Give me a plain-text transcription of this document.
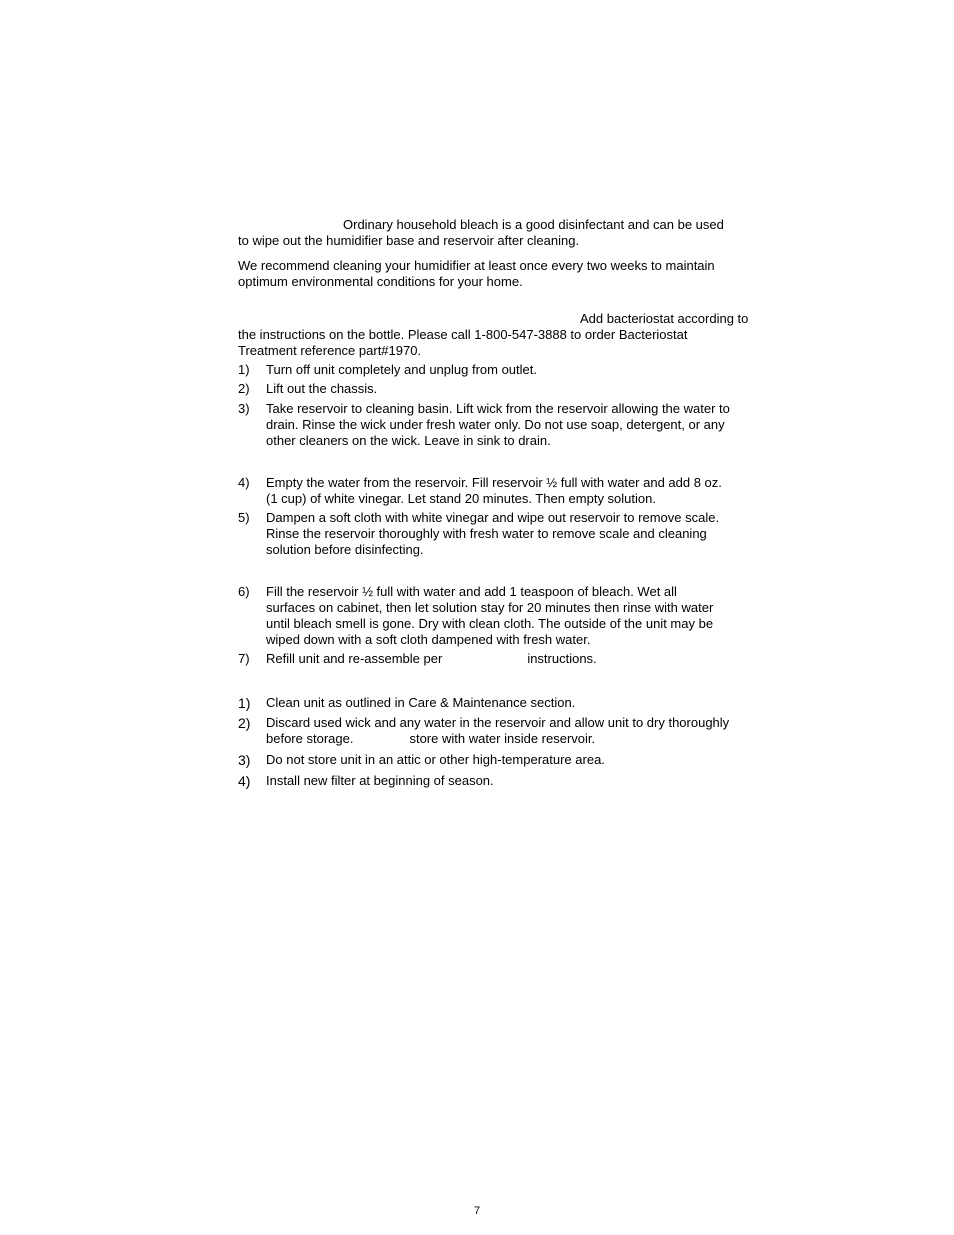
Ordinary household bleach is a good disinfectant and can be used
to wipe out the humidifier base and reservoir after cleaning.
We recommend cleaning your humidifier at least once every two weeks to maintain
optimum environmental conditions for your home.
Add bacteriostat according to
the instructions on the bottle. Please call 1-800-547-3888 to order Bacteriostat
Treatment reference part#1970.
1)	Turn off unit completely and unplug from outlet.
2)	Lift out the chassis.
3)	Take reservoir to cleaning basin. Lift wick from the reservoir allowing the water to
drain. Rinse the wick under fresh water only. Do not use soap, detergent, or any
other cleaners on the wick. Leave in sink to drain.
4)	Empty the water from the reservoir. Fill reservoir ½ full with water and add 8 oz.
(1 cup) of white vinegar. Let stand 20 minutes. Then empty solution.
5)	Dampen a soft cloth with white vinegar and wipe out reservoir to remove scale.
Rinse the reservoir thoroughly with fresh water to remove scale and cleaning
solution before disinfecting.
6)	Fill the reservoir ½ full with water and add 1 teaspoon of bleach. Wet all
surfaces on cabinet, then let solution stay for 20 minutes then rinse with water
until bleach smell is gone. Dry with clean cloth. The outside of the unit may be
wiped down with a soft cloth dampened with fresh water.
7)	Refill unit and re-assemble per	instructions.
1)	Clean unit as outlined in Care & Maintenance section.
2)	Discard used wick and any water in the reservoir and allow unit to dry thoroughly
before storage.	store with water inside reservoir.
3)	Do not store unit in an attic or other high-temperature area.
4)	Install new filter at beginning of season.
7
